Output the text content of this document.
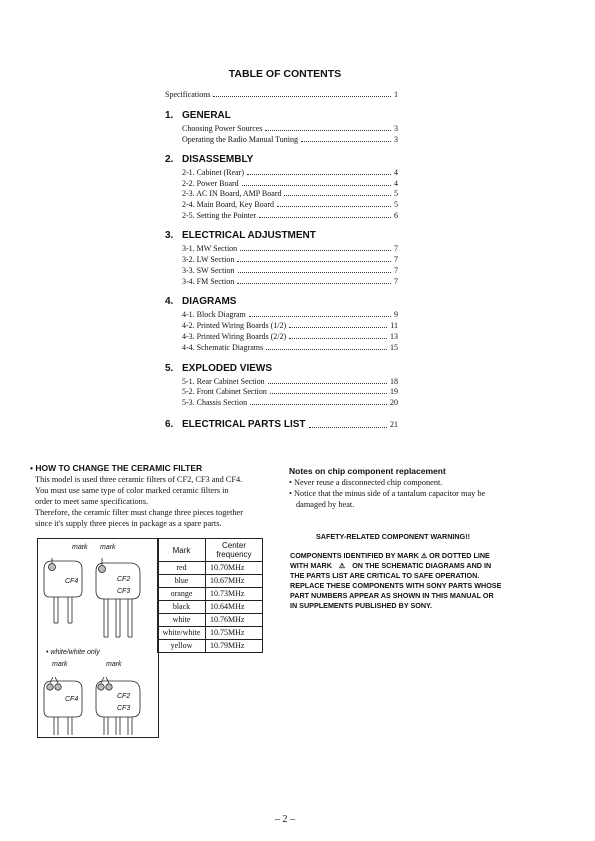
TABLE OF CONTENTS
Specifications	1
1. GENERAL
Choosing Power Sources	3
Operating the Radio Manual Tuning	3
2. DISASSEMBLY
2-1. Cabinet (Rear)	4
2-2. Power Board	4
2-3. AC IN Board, AMP Board	5
2-4. Main Board, Key Board	5
2-5. Setting the Pointer	6
3. ELECTRICAL ADJUSTMENT
3-1. MW Section	7
3-2. LW Section	7
3-3. SW Section	7
3-4. FM Section	7
4. DIAGRAMS
4-1. Block Diagram	9
4-2. Printed Wiring Boards (1/2)	11
4-3. Printed Wiring Boards (2/2)	13
4-4. Schematic Diagrams	15
5. EXPLODED VIEWS
5-1. Rear Cabinet Section	18
5-2. Front Cabinet Section	19
5-3. Chassis Section	20
6. ELECTRICAL PARTS LIST	21
• HOW TO CHANGE THE CERAMIC FILTER
This model is used three ceramic filters of CF2, CF3 and CF4.
You must use same type of color marked ceramic filters in
order to meet same specifications.
Therefore, the ceramic filter must change three pieces together
since it's supply three pieces in package as a spare parts.
mark mark
CF4	CF2
CF3
• white/white only
mark	mark
CF4	CF2
CF3
Mark	Center
frequency
red	10.70MHz
blue	10.67MHz
orange	10.73MHz
black	10.64MHz
white	10.76MHz
white/white	10.75MHz
yellow	10.79MHz
Notes on chip component replacement
• Never reuse a disconnected chip component.
• Notice that the minus side of a tantalum capacitor may be
damaged by heat.
SAFETY-RELATED COMPONENT WARNING!!
COMPONENTS IDENTIFIED BY MARK ⚠ OR DOTTED LINE
WITH MARK ⚠ ON THE SCHEMATIC DIAGRAMS AND IN
THE PARTS LIST ARE CRITICAL TO SAFE OPERATION.
REPLACE THESE COMPONENTS WITH SONY PARTS WHOSE
PART NUMBERS APPEAR AS SHOWN IN THIS MANUAL OR
IN SUPPLEMENTS PUBLISHED BY SONY.
– 2 –
